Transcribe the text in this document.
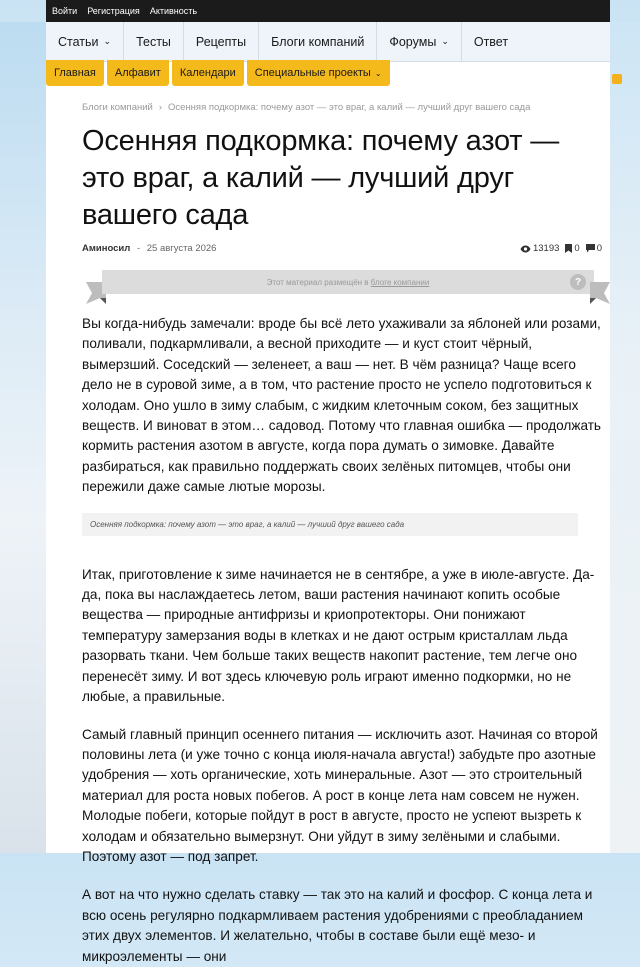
Войти Регистрация Активность
Статьи ⌄ Тесты Рецепты Блоги компаний Форумы ⌄ Ответ
Главная Алфавит Календари Специальные проекты ⌄
Блоги компаний › Осенняя подкормка: почему азот — это враг, а калий — лучший друг вашего сада
Осенняя подкормка: почему азот — это враг, а калий — лучший друг вашего сада
Аминосил - 25 августа 2026	13193 0 0
Этот материал размещён в блоге компании	?

Вы когда-нибудь замечали: вроде бы всё лето ухаживали за яблоней или розами, поливали, подкармливали, а весной приходите — и куст стоит чёрный, вымерзший. Соседский — зеленеет, а ваш — нет. В чём разница? Чаще всего дело не в суровой зиме, а в том, что растение просто не успело подготовиться к холодам. Оно ушло в зиму слабым, с жидким клеточным соком, без защитных веществ. И виноват в этом… садовод. Потому что главная ошибка — продолжать кормить растения азотом в августе, когда пора думать о зимовке. Давайте разбираться, как правильно поддержать своих зелёных питомцев, чтобы они пережили даже самые лютые морозы.

Осенняя подкормка: почему азот — это враг, а калий — лучший друг вашего сада

Итак, приготовление к зиме начинается не в сентябре, а уже в июле-августе. Да-да, пока вы наслаждаетесь летом, ваши растения начинают копить особые вещества — природные антифризы и криопротекторы. Они понижают температуру замерзания воды в клетках и не дают острым кристаллам льда разорвать ткани. Чем больше таких веществ накопит растение, тем легче оно перенесёт зиму. И вот здесь ключевую роль играют именно подкормки, но не любые, а правильные.

Самый главный принцип осеннего питания — исключить азот. Начиная со второй половины лета (и уже точно с конца июля-начала августа!) забудьте про азотные удобрения — хоть органические, хоть минеральные. Азот — это строительный материал для роста новых побегов. А рост в конце лета нам совсем не нужен. Молодые побеги, которые пойдут в рост в августе, просто не успеют вызреть к холодам и обязательно вымерзнут. Они уйдут в зиму зелёными и слабыми. Поэтому азот — под запрет.

А вот на что нужно сделать ставку — так это на калий и фосфор. С конца лета и всю осень регулярно подкармливаем растения удобрениями с преобладанием этих двух элементов. И желательно, чтобы в составе были ещё мезо- и микроэлементы — они
